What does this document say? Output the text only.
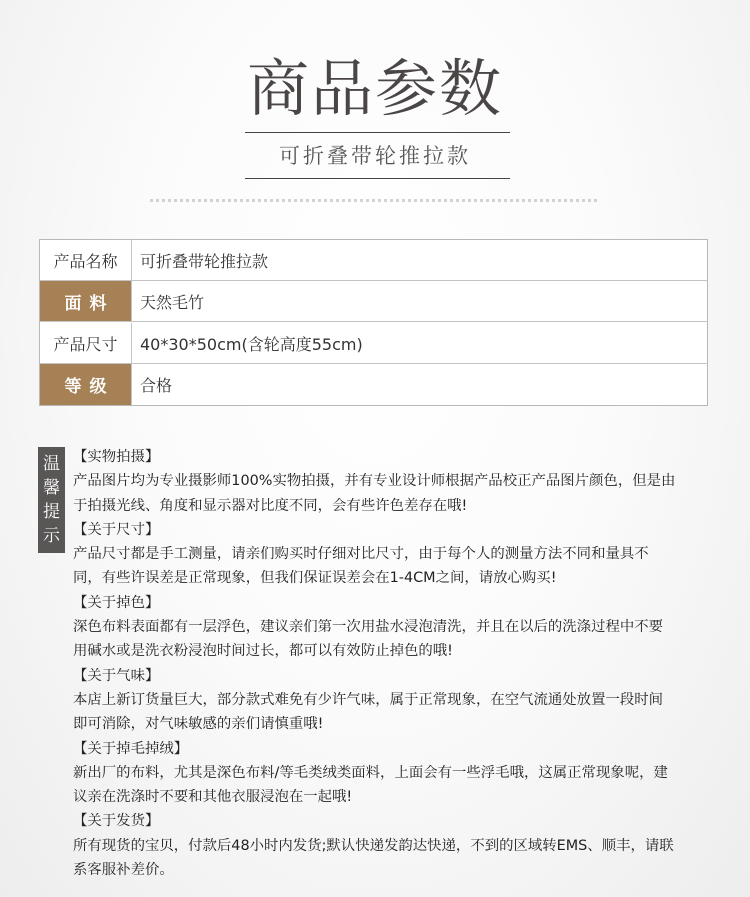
商品参数
可折叠带轮推拉款
产品名称	可折叠带轮推拉款
面料	天然毛竹
产品尺寸	40*30*50cm(含轮高度55cm)
等级	合格
温
馨
提
示

【实物拍摄】

产品图片均为专业摄影师100%实物拍摄，并有专业设计师根据产品校正产品图片颜色，但是由

于拍摄光线、角度和显示器对比度不同，会有些许色差存在哦!

【关于尺寸】

产品尺寸都是手工测量，请亲们购买时仔细对比尺寸，由于每个人的测量方法不同和量具不

同，有些许误差是正常现象，但我们保证误差会在1-4CM之间，请放心购买!

【关于掉色】

深色布料表面都有一层浮色，建议亲们第一次用盐水浸泡清洗，并且在以后的洗涤过程中不要

用碱水或是洗衣粉浸泡时间过长，都可以有效防止掉色的哦!

【关于气味】

本店上新订货量巨大，部分款式难免有少许气味，属于正常现象，在空气流通处放置一段时间

即可消除，对气味敏感的亲们请慎重哦!

【关于掉毛掉绒】

新出厂的布料，尤其是深色布料/等毛类绒类面料，上面会有一些浮毛哦，这属正常现象呢，建

议亲在洗涤时不要和其他衣服浸泡在一起哦!

【关于发货】

所有现货的宝贝，付款后48小时内发货;默认快递发韵达快递，不到的区域转EMS、顺丰，请联

系客服补差价。
